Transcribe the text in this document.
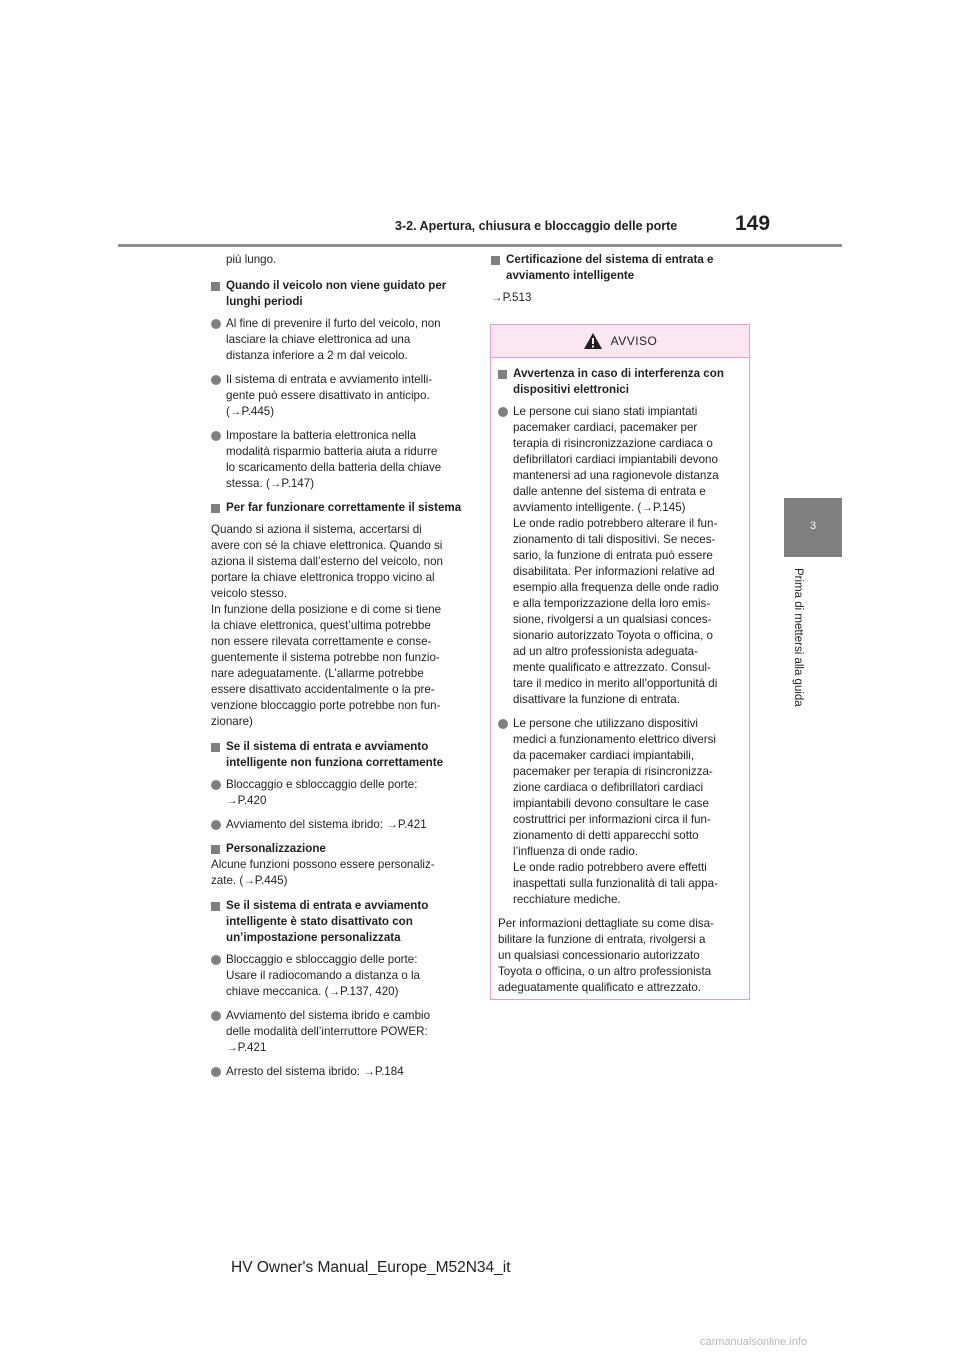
3-2. Apertura, chiusura e bloccaggio delle porte	149
3
Prima di mettersi alla guida
più lungo.
Quando il veicolo non viene guidato per lunghi periodi
Al fine di prevenire il furto del veicolo, non
lasciare la chiave elettronica ad una
distanza inferiore a 2 m dal veicolo.
Il sistema di entrata e avviamento intelli-
gente può essere disattivato in anticipo.
(→P.445)
Impostare la batteria elettronica nella
modalità risparmio batteria aiuta a ridurre
lo scaricamento della batteria della chiave
stessa. (→P.147)
Per far funzionare correttamente il sistema
Quando si aziona il sistema, accertarsi di
avere con sé la chiave elettronica. Quando si
aziona il sistema dall’esterno del veicolo, non
portare la chiave elettronica troppo vicino al
veicolo stesso.
In funzione della posizione e di come si tiene
la chiave elettronica, quest’ultima potrebbe
non essere rilevata correttamente e conse-
guentemente il sistema potrebbe non funzio-
nare adeguatamente. (L’allarme potrebbe
essere disattivato accidentalmente o la pre-
venzione bloccaggio porte potrebbe non fun-
zionare)
Se il sistema di entrata e avviamento intelligente non funziona correttamente
Bloccaggio e sbloccaggio delle porte:
→P.420
Avviamento del sistema ibrido: →P.421
Personalizzazione
Alcune funzioni possono essere personaliz-
zate. (→P.445)
Se il sistema di entrata e avviamento intelligente è stato disattivato con un’impostazione personalizzata
Bloccaggio e sbloccaggio delle porte:
Usare il radiocomando a distanza o la
chiave meccanica. (→P.137, 420)
Avviamento del sistema ibrido e cambio
delle modalità dell’interruttore POWER:
→P.421
Arresto del sistema ibrido: →P.184
Certificazione del sistema di entrata e avviamento intelligente
→P.513
AVVISO
Avvertenza in caso di interferenza con dispositivi elettronici
Le persone cui siano stati impiantati
pacemaker cardiaci, pacemaker per
terapia di risincronizzazione cardiaca o
defibrillatori cardiaci impiantabili devono
mantenersi ad una ragionevole distanza
dalle antenne del sistema di entrata e
avviamento intelligente. (→P.145)
Le onde radio potrebbero alterare il fun-
zionamento di tali dispositivi. Se neces-
sario, la funzione di entrata può essere
disabilitata. Per informazioni relative ad
esempio alla frequenza delle onde radio
e alla temporizzazione della loro emis-
sione, rivolgersi a un qualsiasi conces-
sionario autorizzato Toyota o officina, o
ad un altro professionista adeguata-
mente qualificato e attrezzato. Consul-
tare il medico in merito all’opportunità di
disattivare la funzione di entrata.
Le persone che utilizzano dispositivi
medici a funzionamento elettrico diversi
da pacemaker cardiaci impiantabili,
pacemaker per terapia di risincronizza-
zione cardiaca o defibrillatori cardiaci
impiantabili devono consultare le case
costruttrici per informazioni circa il fun-
zionamento di detti apparecchi sotto
l’influenza di onde radio.
Le onde radio potrebbero avere effetti
inaspettati sulla funzionalità di tali appa-
recchiature mediche.
Per informazioni dettagliate su come disa-
bilitare la funzione di entrata, rivolgersi a
un qualsiasi concessionario autorizzato
Toyota o officina, o un altro professionista
adeguatamente qualificato e attrezzato.
HV Owner's Manual_Europe_M52N34_it
carmanualsonline.info
